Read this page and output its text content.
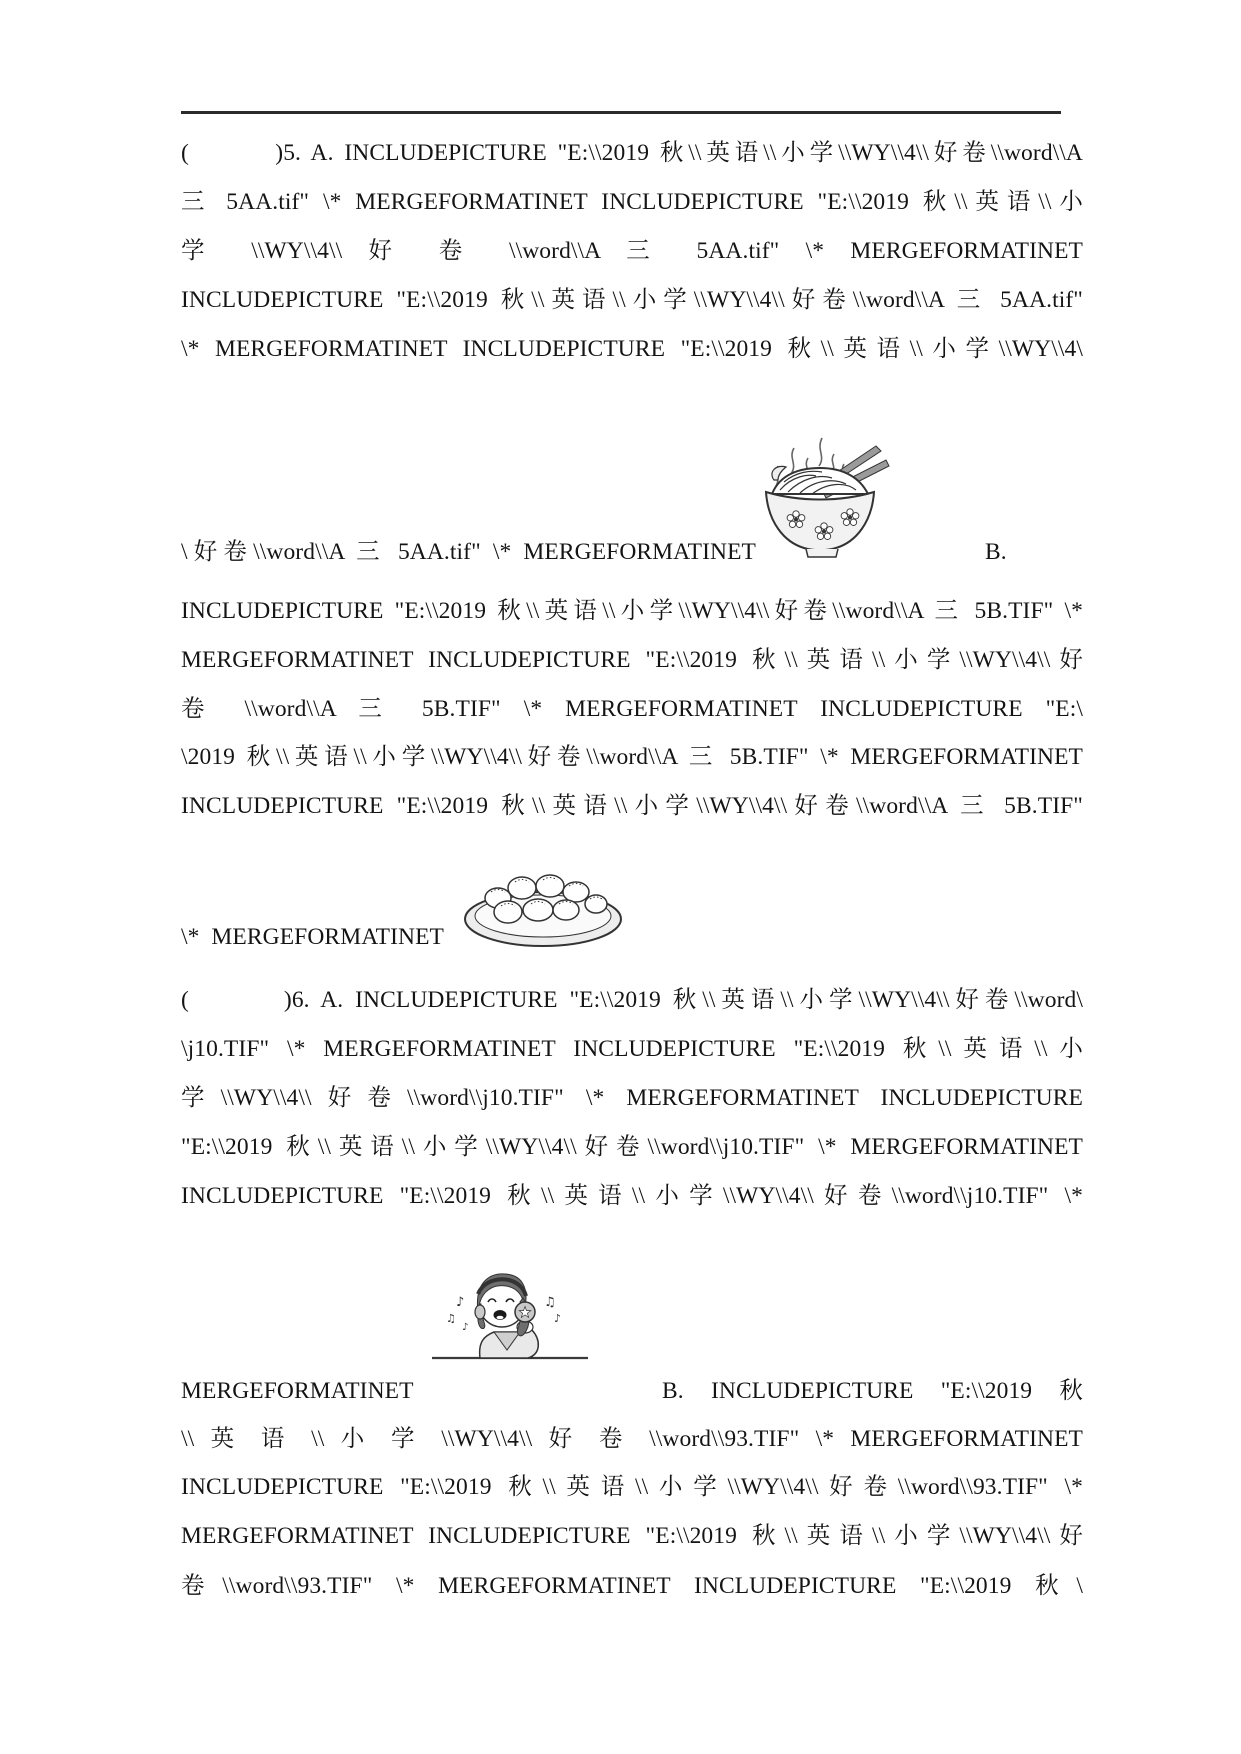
(        )5. A. INCLUDEPICTURE "E:\\2019 秋\\英语\\小学\\WY\\4\\好卷\\word\\A
三 5AA.tif" \* MERGEFORMATINET INCLUDEPICTURE "E:\\2019 秋\\英语\\小
学 \\WY\\4\\ 好 卷 \\word\\A 三 5AA.tif" \* MERGEFORMATINET
INCLUDEPICTURE "E:\\2019 秋\\英语\\小学\\WY\\4\\好卷\\word\\A 三 5AA.tif"
\* MERGEFORMATINET INCLUDEPICTURE "E:\\2019 秋\\英语\\小学\\WY\\4\
\好卷\\word\\A 三 5AA.tif" \* MERGEFORMATINET	B.
INCLUDEPICTURE "E:\\2019 秋\\英语\\小学\\WY\\4\\好卷\\word\\A 三 5B.TIF" \*
MERGEFORMATINET INCLUDEPICTURE "E:\\2019 秋\\英语\\小学\\WY\\4\\好
卷 \\word\\A 三 5B.TIF" \* MERGEFORMATINET INCLUDEPICTURE "E:\
\2019 秋\\英语\\小学\\WY\\4\\好卷\\word\\A 三 5B.TIF" \* MERGEFORMATINET
INCLUDEPICTURE "E:\\2019 秋\\英语\\小学\\WY\\4\\好卷\\word\\A 三 5B.TIF"
\*  MERGEFORMATINET
(        )6. A. INCLUDEPICTURE "E:\\2019 秋\\英语\\小学\\WY\\4\\好卷\\word\
\j10.TIF" \* MERGEFORMATINET INCLUDEPICTURE "E:\\2019 秋\\英语\\小
学\\WY\\4\\好卷\\word\\j10.TIF" \* MERGEFORMATINET INCLUDEPICTURE
"E:\\2019 秋\\英语\\小学\\WY\\4\\好卷\\word\\j10.TIF" \* MERGEFORMATINET
INCLUDEPICTURE "E:\\2019 秋\\英语\\小学\\WY\\4\\好卷\\word\\j10.TIF" \*
♪
♫
♪
♫
♪
MERGEFORMATINET	B. INCLUDEPICTURE "E:\\2019 秋
\\ 英 语 \\ 小 学 \\WY\\4\\ 好 卷 \\word\\93.TIF" \* MERGEFORMATINET
INCLUDEPICTURE "E:\\2019 秋\\英语\\小学\\WY\\4\\好卷\\word\\93.TIF" \*
MERGEFORMATINET INCLUDEPICTURE "E:\\2019 秋\\英语\\小学\\WY\\4\\好
卷\\word\\93.TIF" \* MERGEFORMATINET INCLUDEPICTURE "E:\\2019 秋\
